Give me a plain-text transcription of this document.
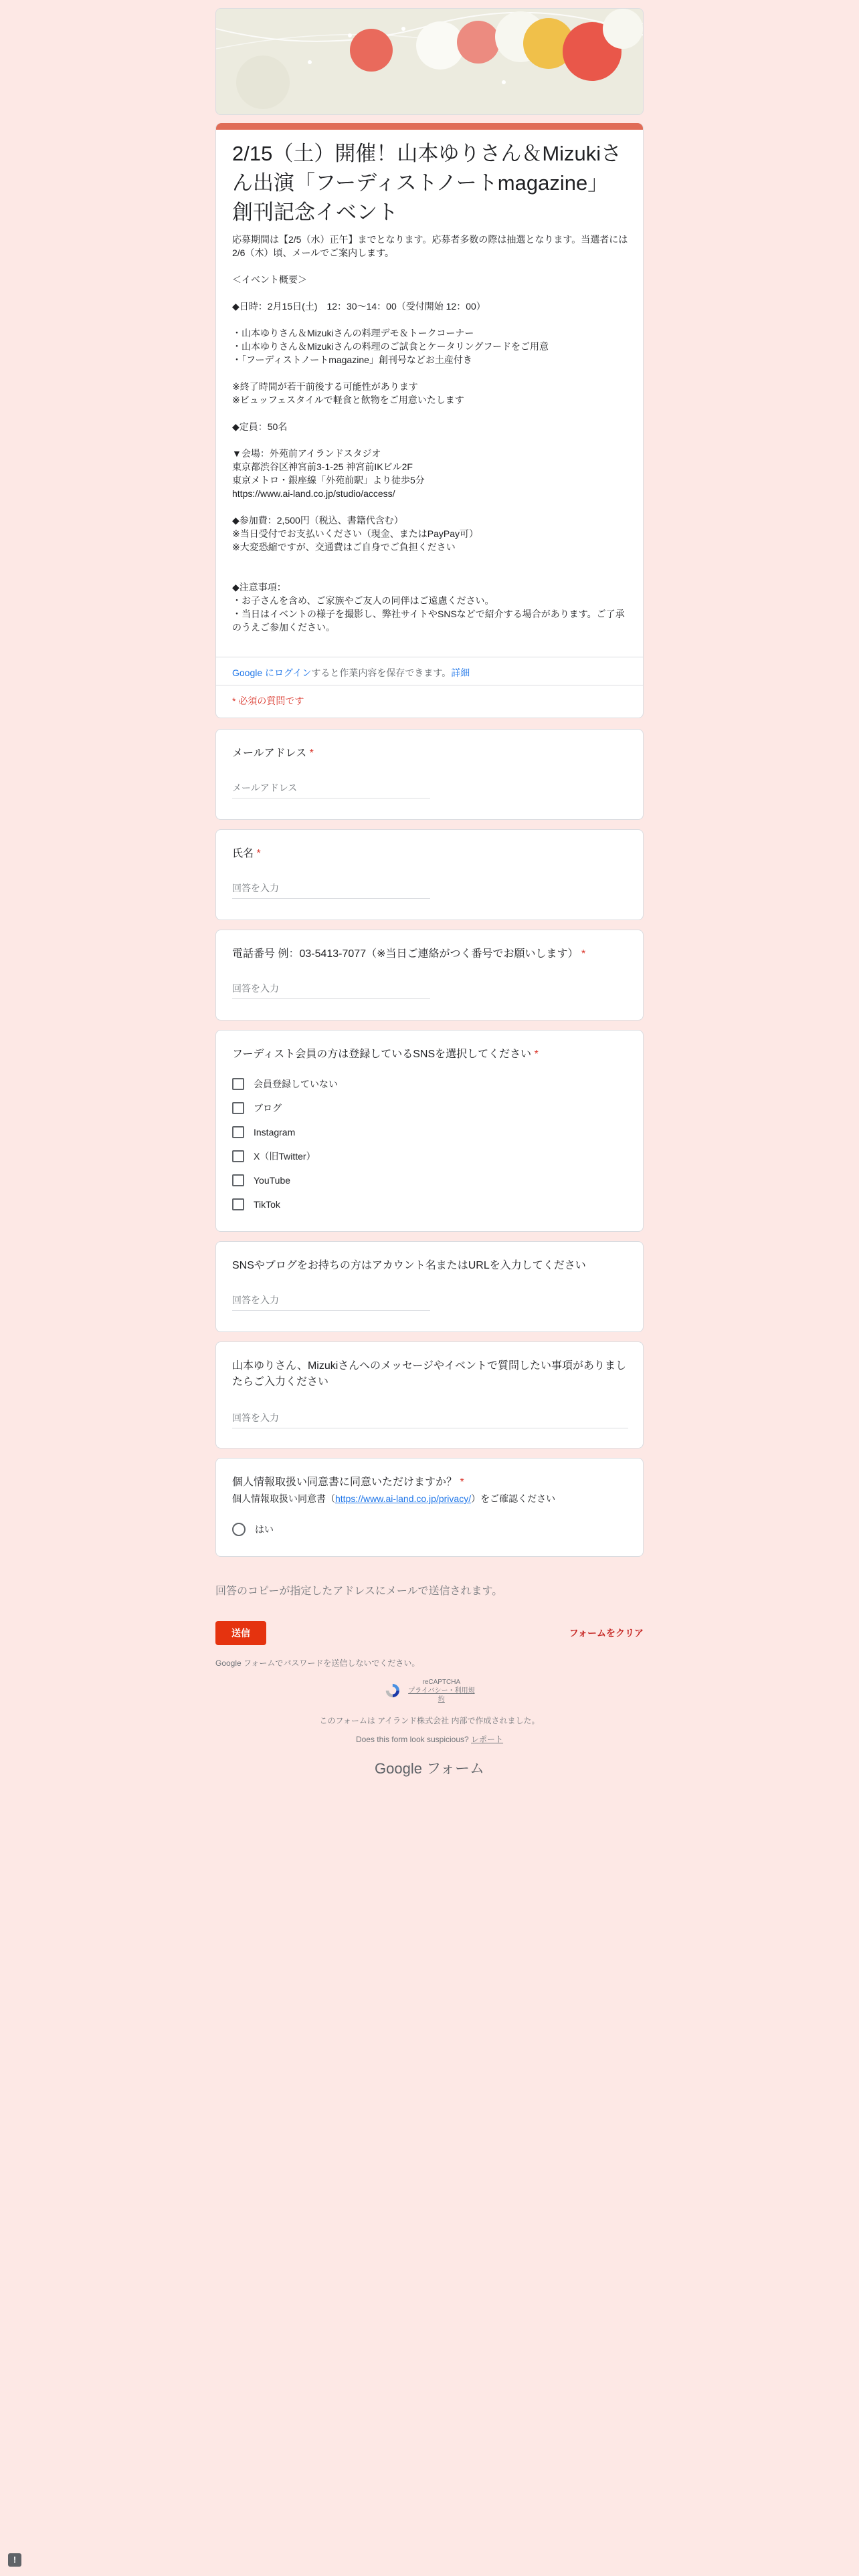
2/15（土）開催！山本ゆりさん＆Mizukiさん出演「フーディストノートmagazine」創刊記念イベント

応募期間は【2/5（水）正午】までとなります。応募者多数の際は抽選となります。当選者には2/6（木）頃、メールでご案内します。

＜イベント概要＞

◆日時：2月15日(土)　12：30〜14：00（受付開始 12：00）

・山本ゆりさん＆Mizukiさんの料理デモ＆トークコーナー
・山本ゆりさん＆Mizukiさんの料理のご試食とケータリングフードをご用意
・「フーディストノートmagazine」創刊号などお土産付き

※終了時間が若干前後する可能性があります
※ビュッフェスタイルで軽食と飲物をご用意いたします

◆定員：50名

▼会場：外苑前アイランドスタジオ
東京都渋谷区神宮前3-1-25 神宮前IKビル2F
東京メトロ・銀座線「外苑前駅」より徒歩5分
https://www.ai-land.co.jp/studio/access/

◆参加費：2,500円（税込、書籍代含む）
※当日受付でお支払いください（現金、またはPayPay可）
※大変恐縮ですが、交通費はご自身でご負担ください

◆注意事項：
・お子さんを含め、ご家族やご友人の同伴はご遠慮ください。
・当日はイベントの様子を撮影し、弊社サイトやSNSなどで紹介する場合があります。ご了承のうえご参加ください。

Google にログインすると作業内容を保存できます。詳細
* 必須の質問です
メールアドレス *
メールアドレス
氏名 *
回答を入力
電話番号 例：03-5413-7077（※当日ご連絡がつく番号でお願いします） *
回答を入力
フーディスト会員の方は登録しているSNSを選択してください *
会員登録していない
ブログ
Instagram
X（旧Twitter）
YouTube
TikTok
SNSやブログをお持ちの方はアカウント名またはURLを入力してください
回答を入力
山本ゆりさん、Mizukiさんへのメッセージやイベントで質問したい事項がありましたらご入力ください
回答を入力
個人情報取扱い同意書に同意いただけますか？ *
個人情報取扱い同意書（https://www.ai-land.co.jp/privacy/）をご確認ください
はい
回答のコピーが指定したアドレスにメールで送信されます。
送信	フォームをクリア
Google フォームでパスワードを送信しないでください。
reCAPTCHA
プライバシー・利用規約
このフォームは アイランド株式会社 内部で作成されました。
Does this form look suspicious? レポート
Google フォーム
!
